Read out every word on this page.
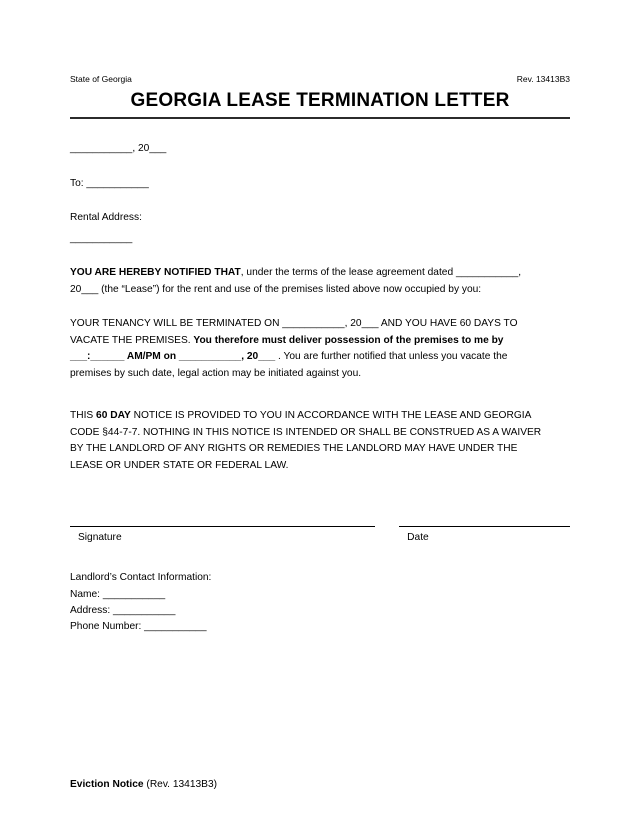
State of Georgia	Rev. 13413B3
GEORGIA LEASE TERMINATION LETTER
___________, 20___
To: ___________
Rental Address:
___________
YOU ARE HEREBY NOTIFIED THAT, under the terms of the lease agreement dated ___________,
20___ (the “Lease”) for the rent and use of the premises listed above now occupied by you:
YOUR TENANCY WILL BE TERMINATED ON ___________, 20___ AND YOU HAVE 60 DAYS TO
VACATE THE PREMISES. You therefore must deliver possession of the premises to me by
___:______ AM/PM on ___________, 20___ . You are further notified that unless you vacate the
premises by such date, legal action may be initiated against you.
THIS 60 DAY NOTICE IS PROVIDED TO YOU IN ACCORDANCE WITH THE LEASE AND GEORGIA
CODE §44-7-7. NOTHING IN THIS NOTICE IS INTENDED OR SHALL BE CONSTRUED AS A WAIVER
BY THE LANDLORD OF ANY RIGHTS OR REMEDIES THE LANDLORD MAY HAVE UNDER THE
LEASE OR UNDER STATE OR FEDERAL LAW.
Signature	Date
Landlord’s Contact Information:
Name: ___________
Address: ___________
Phone Number: ___________
Eviction Notice (Rev. 13413B3)
